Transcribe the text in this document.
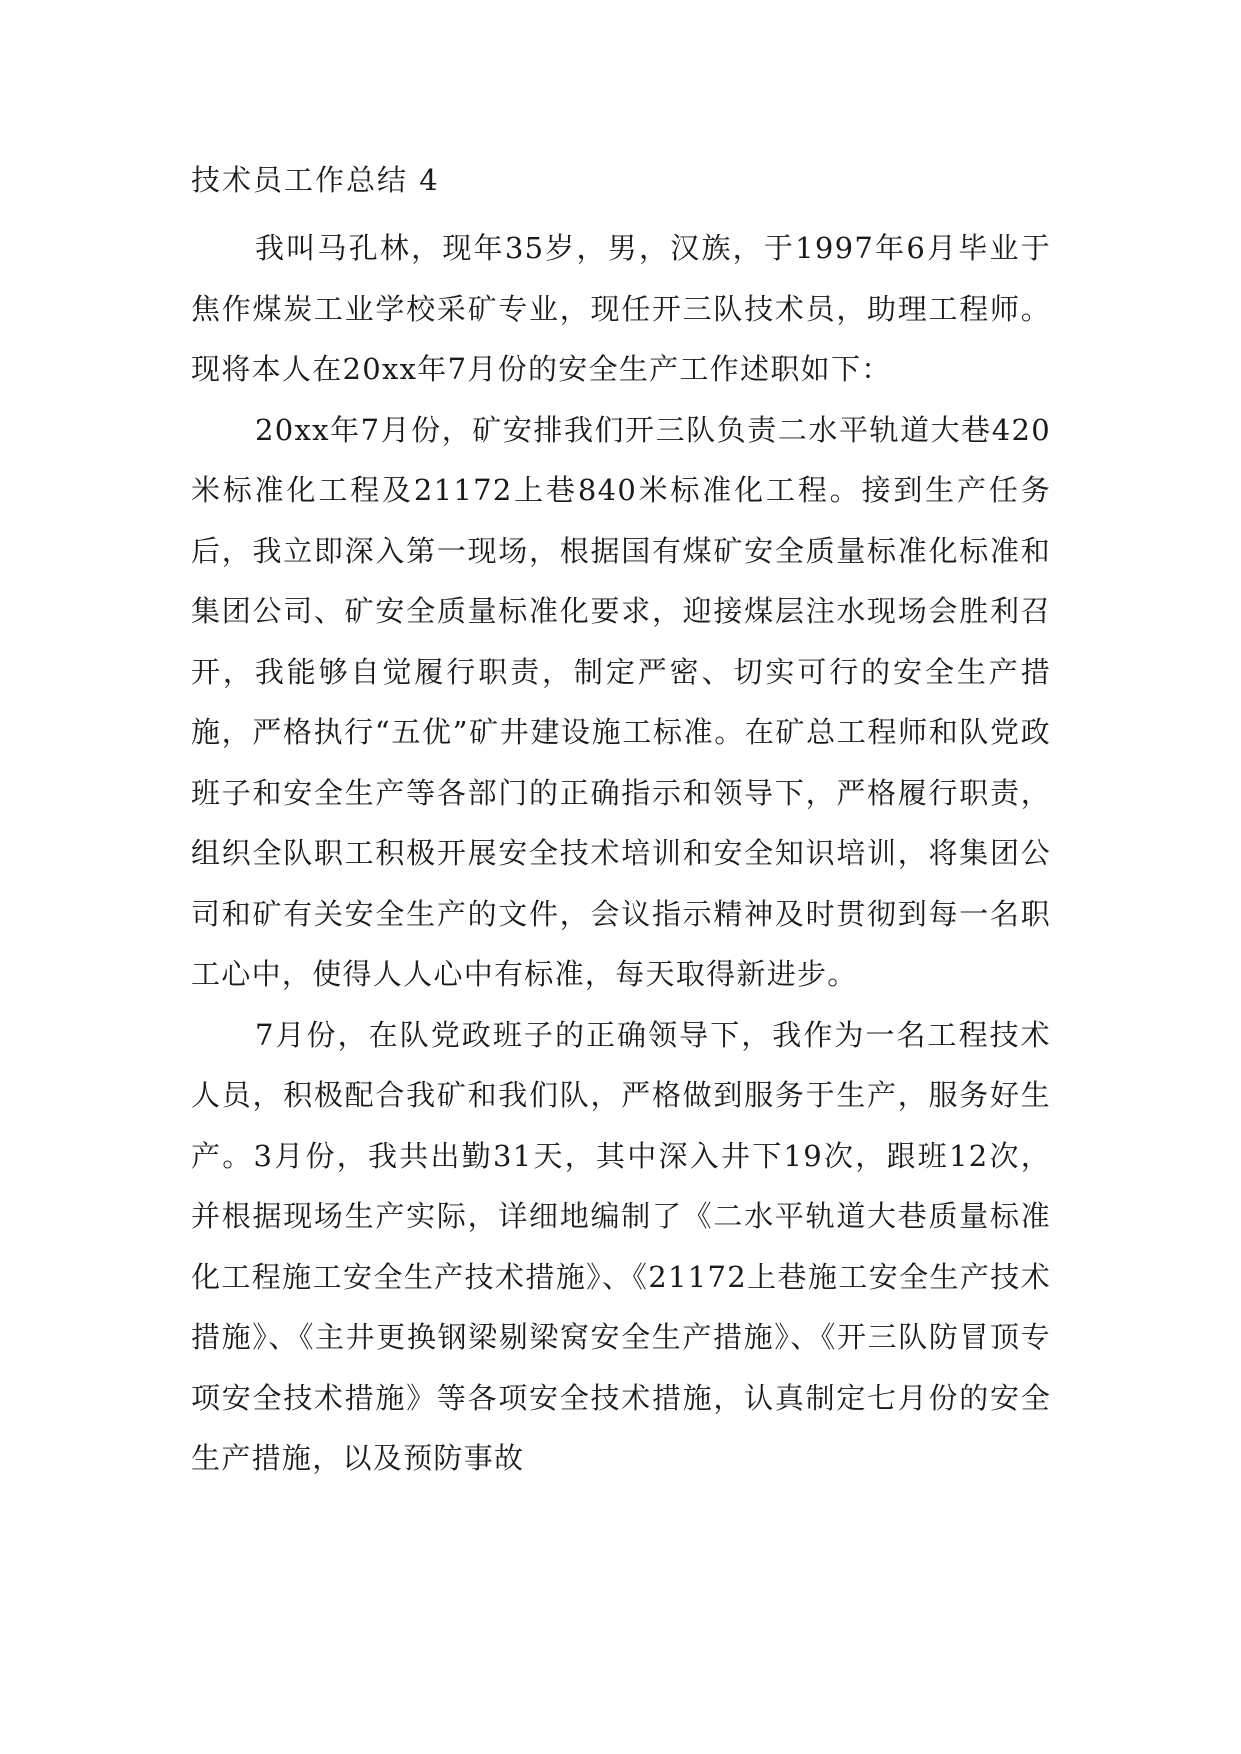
技术员工作总结 4

我叫马孔林，现年35岁，男，汉族，于1997年6月毕业于焦作煤炭工业学校采矿专业，现任开三队技术员，助理工程师。现将本人在20xx年7月份的安全生产工作述职如下：

20xx年7月份，矿安排我们开三队负责二水平轨道大巷420米标准化工程及21172上巷840米标准化工程。接到生产任务后，我立即深入第一现场，根据国有煤矿安全质量标准化标准和集团公司、矿安全质量标准化要求，迎接煤层注水现场会胜利召开，我能够自觉履行职责，制定严密、切实可行的安全生产措施，严格执行“五优”矿井建设施工标准。在矿总工程师和队党政班子和安全生产等各部门的正确指示和领导下，严格履行职责，组织全队职工积极开展安全技术培训和安全知识培训，将集团公司和矿有关安全生产的文件，会议指示精神及时贯彻到每一名职工心中，使得人人心中有标准，每天取得新进步。

7月份，在队党政班子的正确领导下，我作为一名工程技术人员，积极配合我矿和我们队，严格做到服务于生产，服务好生产。3月份，我共出勤31天，其中深入井下19次，跟班12次，并根据现场生产实际，详细地编制了《二水平轨道大巷质量标准化工程施工安全生产技术措施》、《21172上巷施工安全生产技术措施》、《主井更换钢梁剔梁窝安全生产措施》、《开三队防冒顶专项安全技术措施》等各项安全技术措施，认真制定七月份的安全生产措施，以及预防事故
